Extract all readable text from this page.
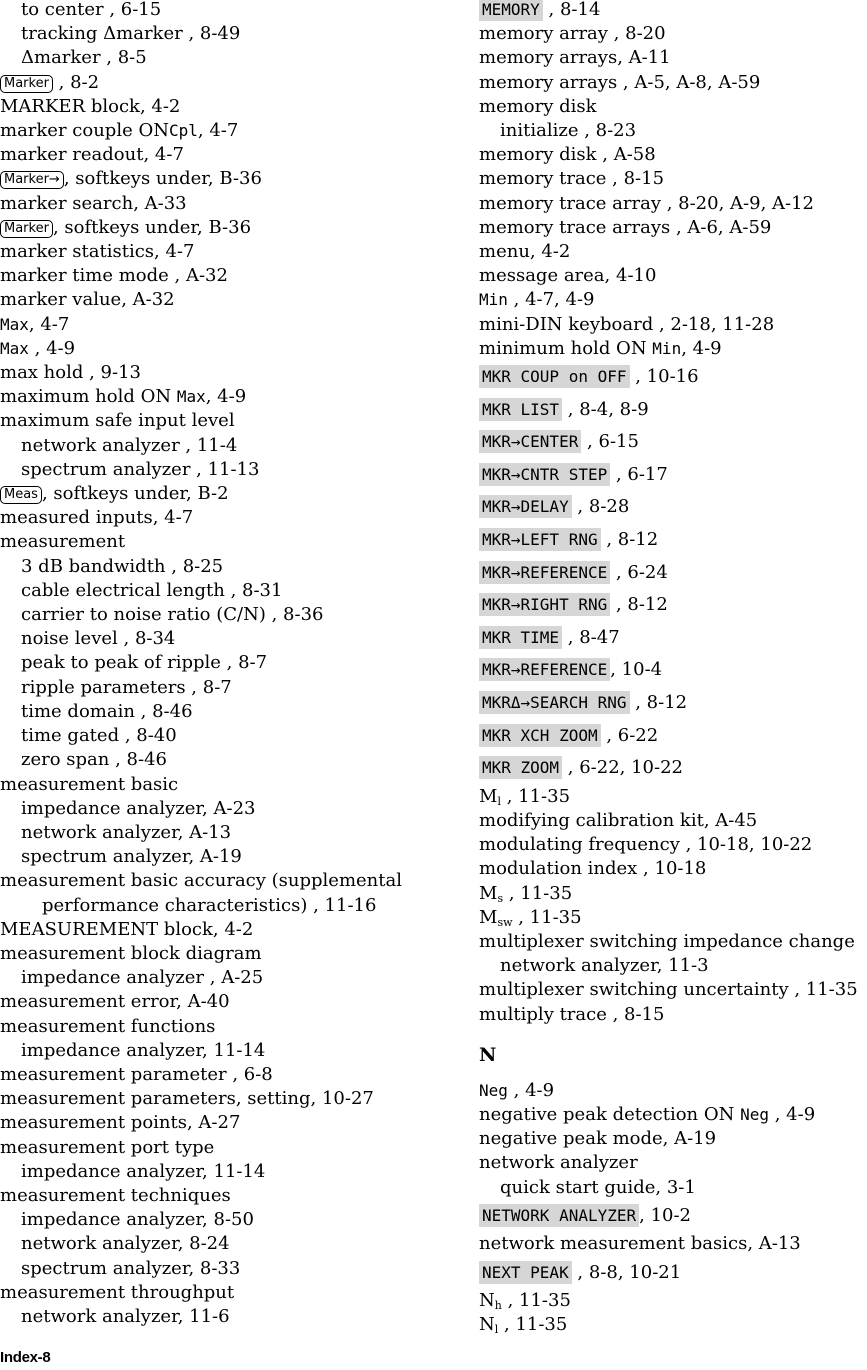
to center , 6-15
tracking Δmarker , 8-49
Δmarker , 8-5
Marker , 8-2
MARKER block, 4-2
marker couple ONCpl, 4-7
marker readout, 4-7
Marker→ , softkeys under, B-36
marker search, A-33
Marker , softkeys under, B-36
marker statistics, 4-7
marker time mode , A-32
marker value, A-32
Max, 4-7
Max , 4-9
max hold , 9-13
maximum hold ON Max, 4-9
maximum safe input level
network analyzer , 11-4
spectrum analyzer , 11-13
Meas , softkeys under, B-2
measured inputs, 4-7
measurement
3 dB bandwidth , 8-25
cable electrical length , 8-31
carrier to noise ratio (C/N) , 8-36
noise level , 8-34
peak to peak of ripple , 8-7
ripple parameters , 8-7
time domain , 8-46
time gated , 8-40
zero span , 8-46
measurement basic
impedance analyzer, A-23
network analyzer, A-13
spectrum analyzer, A-19
measurement basic accuracy (supplemental
performance characteristics) , 11-16
MEASUREMENT block, 4-2
measurement block diagram
impedance analyzer , A-25
measurement error, A-40
measurement functions
impedance analyzer, 11-14
measurement parameter , 6-8
measurement parameters, setting, 10-27
measurement points, A-27
measurement port type
impedance analyzer, 11-14
measurement techniques
impedance analyzer, 8-50
network analyzer, 8-24
spectrum analyzer, 8-33
measurement throughput
network analyzer, 11-6
MEMORY , 8-14
memory array , 8-20
memory arrays, A-11
memory arrays , A-5, A-8, A-59
memory disk
initialize , 8-23
memory disk , A-58
memory trace , 8-15
memory trace array , 8-20, A-9, A-12
memory trace arrays , A-6, A-59
menu, 4-2
message area, 4-10
Min , 4-7, 4-9
mini-DIN keyboard , 2-18, 11-28
minimum hold ON Min, 4-9
MKR COUP on OFF , 10-16
MKR LIST , 8-4, 8-9
MKR→CENTER , 6-15
MKR→CNTR STEP , 6-17
MKR→DELAY , 8-28
MKR→LEFT RNG , 8-12
MKR→REFERENCE , 6-24
MKR→RIGHT RNG , 8-12
MKR TIME , 8-47
MKR→REFERENCE , 10-4
MKRΔ→SEARCH RNG , 8-12
MKR XCH ZOOM , 6-22
MKR ZOOM , 6-22, 10-22
$M_l$ , 11-35
modifying calibration kit, A-45
modulating frequency , 10-18, 10-22
modulation index , 10-18
$M_s$ , 11-35
$M_{sw}$ , 11-35
multiplexer switching impedance change
network analyzer, 11-3
multiplexer switching uncertainty , 11-35
multiply trace , 8-15
N
Neg , 4-9
negative peak detection ON Neg , 4-9
negative peak mode, A-19
network analyzer
quick start guide, 3-1
NETWORK ANALYZER , 10-2
network measurement basics, A-13
NEXT PEAK , 8-8, 10-21
$N_h$ , 11-35
$N_l$ , 11-35
Index-8
